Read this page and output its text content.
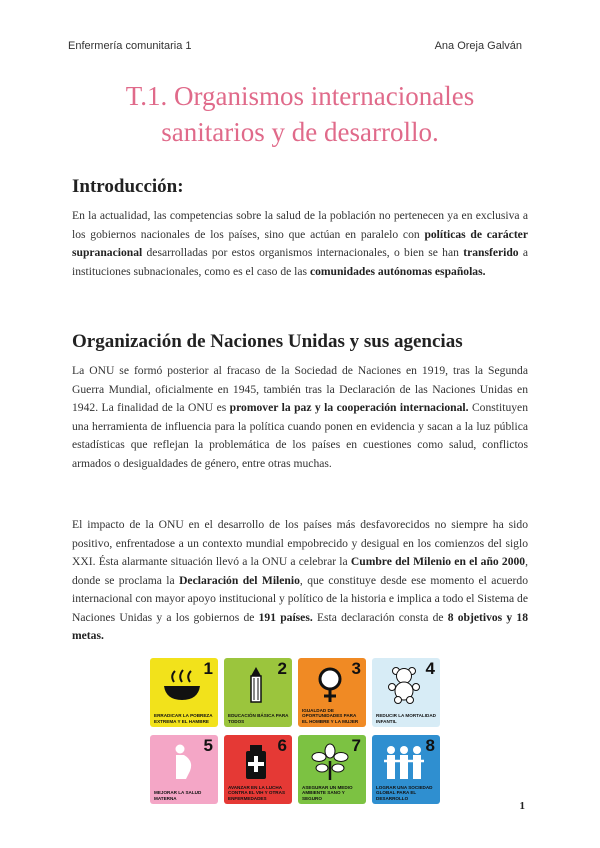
Enfermería comunitaria 1	Ana Oreja Galván
T.1. Organismos internacionales
sanitarios y de desarrollo.
Introducción:
En la actualidad, las competencias sobre la salud de la población no pertenecen ya en exclusiva a los gobiernos nacionales de los países, sino que actúan en paralelo con políticas de carácter supranacional desarrolladas por estos organismos internacionales, o bien se han transferido a instituciones subnacionales, como es el caso de las comunidades autónomas españolas.
Organización de Naciones Unidas y sus agencias
La ONU se formó posterior al fracaso de la Sociedad de Naciones en 1919, tras la Segunda Guerra Mundial, oficialmente en 1945, también tras la Declaración de las Naciones Unidas en 1942. La finalidad de la ONU es promover la paz y la cooperación internacional. Constituyen una herramienta de influencia para la política cuando ponen en evidencia y sacan a la luz pública estadísticas que reflejan la problemática de los países en cuestiones como salud, conflictos armados o desigualdades de género, entre otras muchas.
El impacto de la ONU en el desarrollo de los países más desfavorecidos no siempre ha sido positivo, enfrentadose a un contexto mundial empobrecido y desigual en los comienzos del siglo XXI. Ésta alarmante situación llevó a la ONU a celebrar la Cumbre del Milenio en el año 2000, donde se proclama la Declaración del Milenio, que constituye desde ese momento el acuerdo internacional con mayor apoyo institucional y político de la historia e implica a todo el Sistema de Naciones Unidas y a los gobiernos de 191 países. Esta declaración consta de 8 objetivos y 18 metas.
1
ERRADICAR LA POBREZA EXTREMA Y EL HAMBRE
2
EDUCACIÓN BÁSICA PARA TODOS
3
IGUALDAD DE OPORTUNIDADES PARA EL HOMBRE Y LA MUJER
4
REDUCIR LA MORTALIDAD INFANTIL
5
MEJORAR LA SALUD MATERNA
6
AVANZAR EN LA LUCHA CONTRA EL VIH Y OTRAS ENFERMEDADES
7
ASEGURAR UN MEDIO AMBIENTE SANO Y SEGURO
8
LOGRAR UNA SOCIEDAD GLOBAL PARA EL DESARROLLO
1
